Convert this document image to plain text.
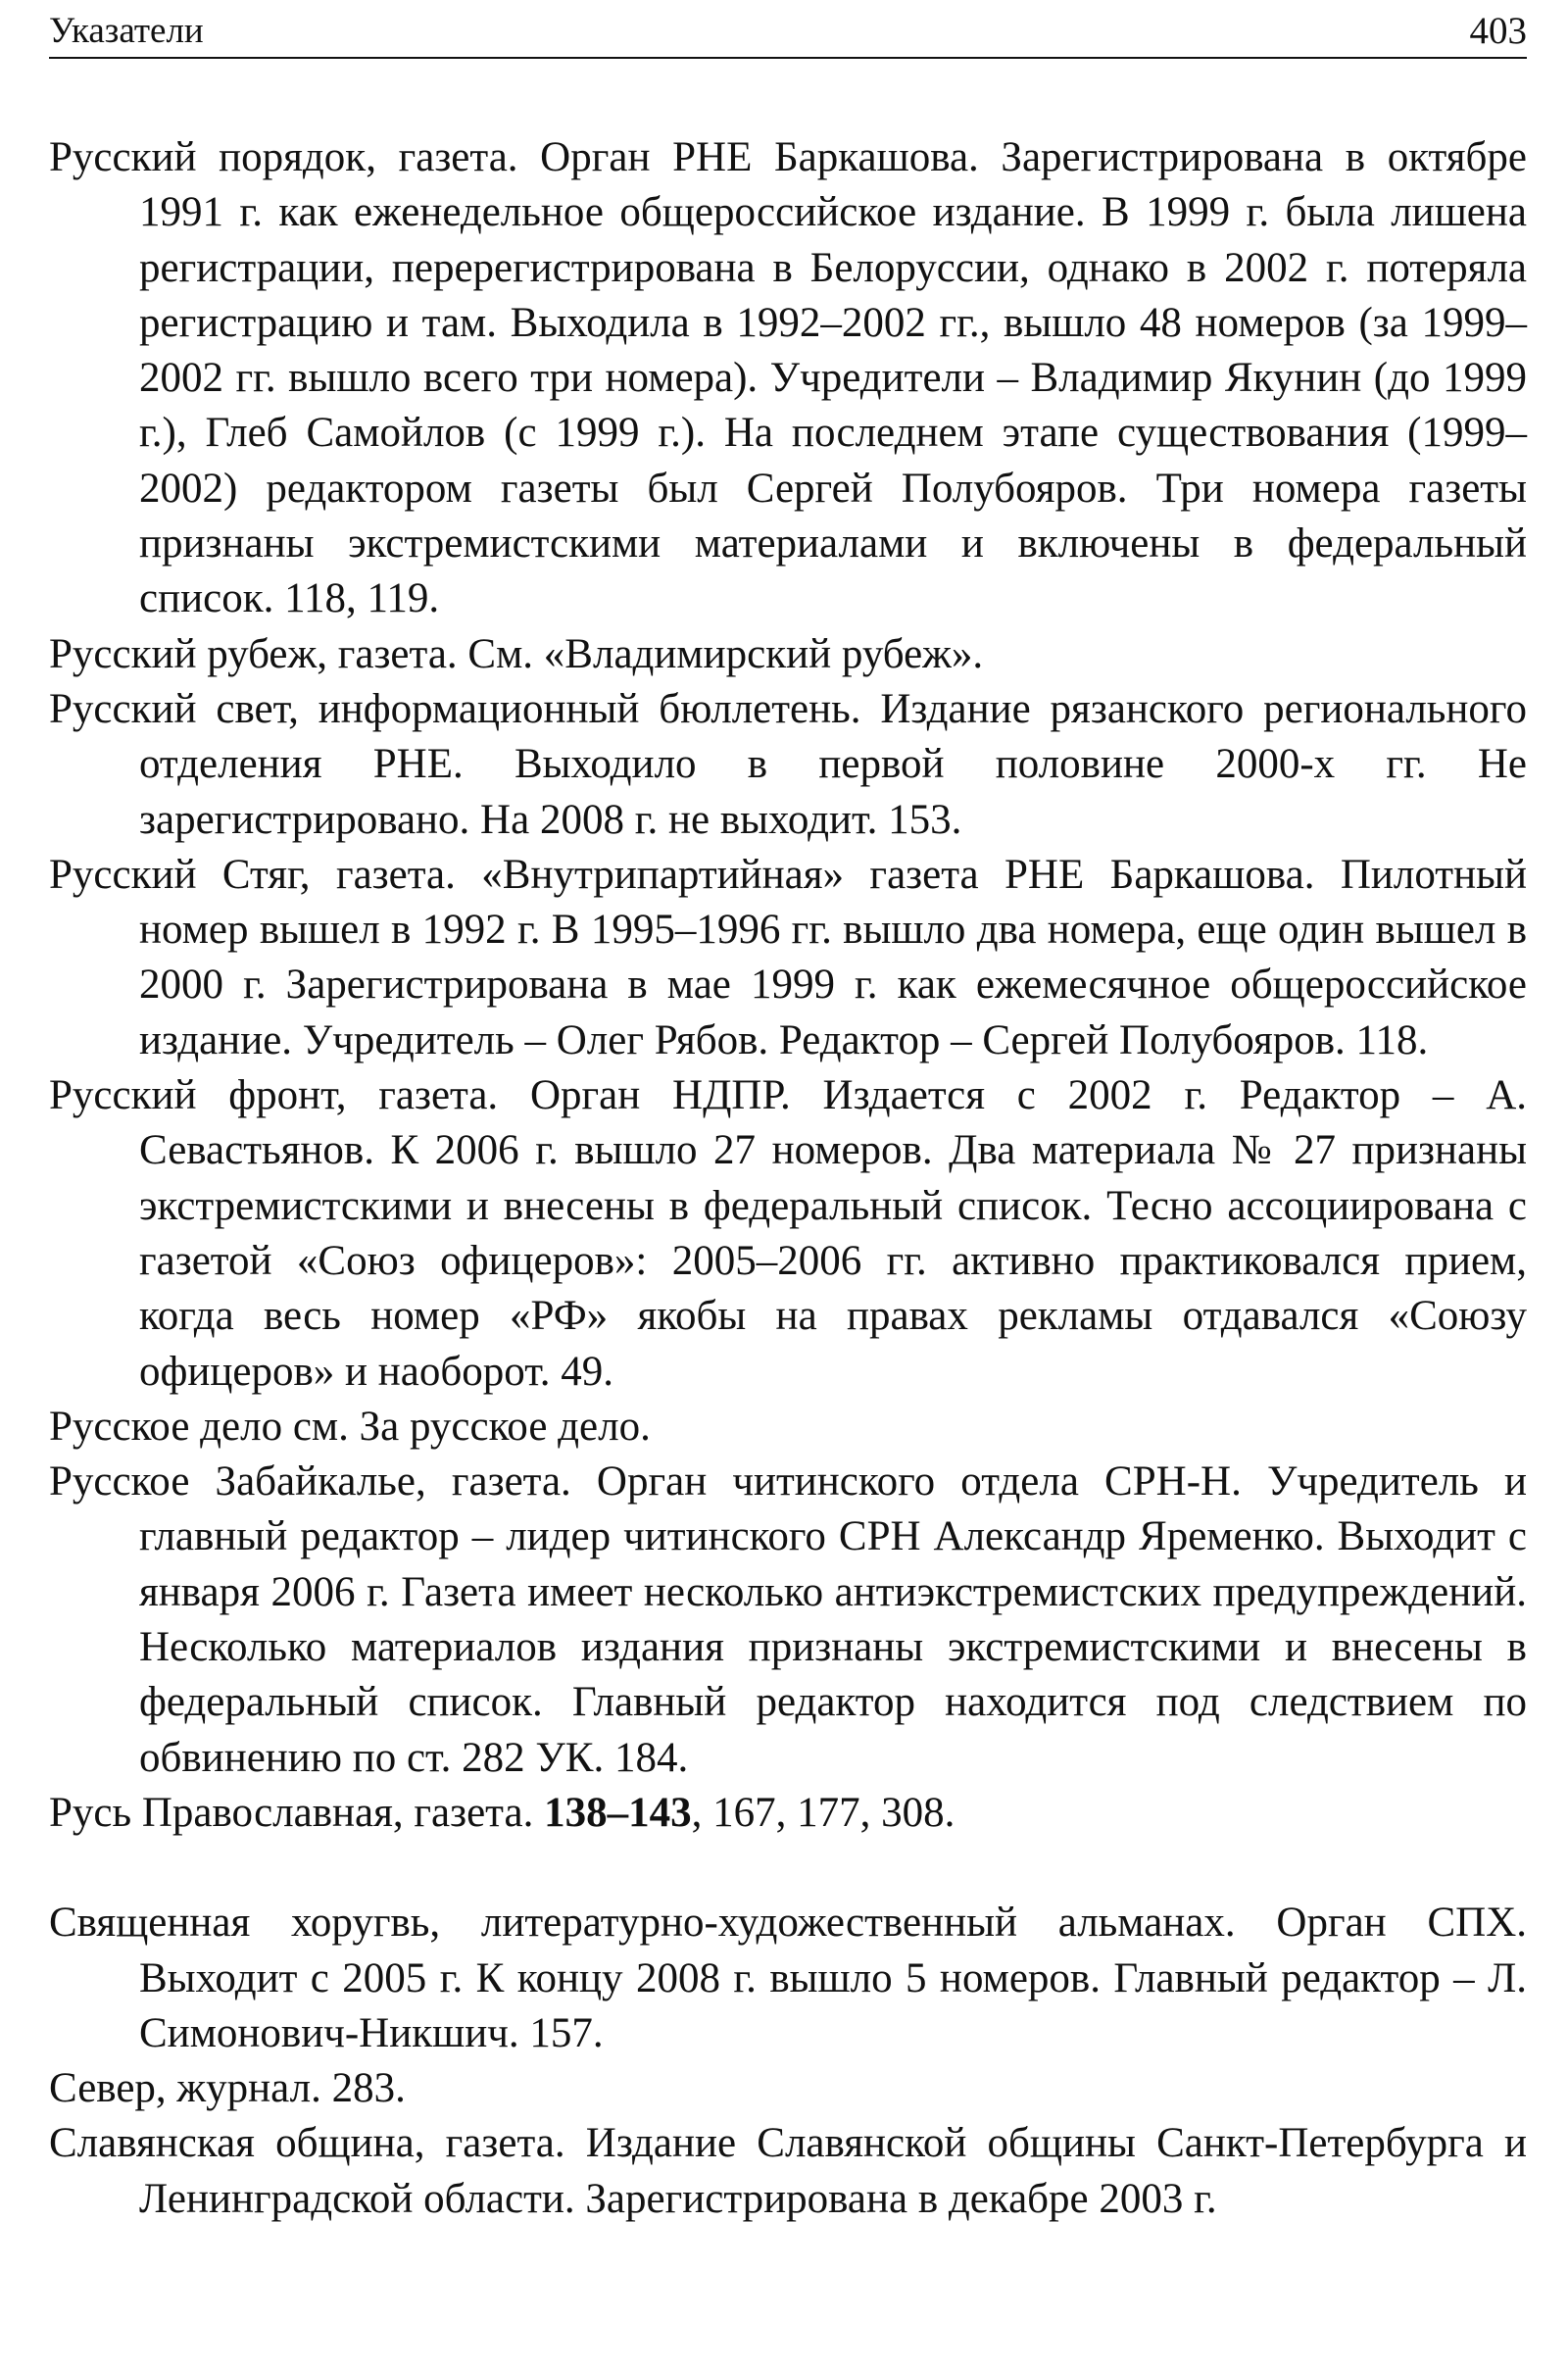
Указатели	403

Русский порядок, газета. Орган РНЕ Баркашова. Зарегистрирована в октябре 1991 г. как еженедельное общероссийское издание. В 1999 г. была лишена регистрации, перерегистрирована в Белоруссии, однако в 2002 г. потеряла регистрацию и там. Выходила в 1992–2002 гг., вышло 48 номеров (за 1999– 2002 гг. вышло всего три номера). Учредители – Владимир Якунин (до 1999 г.), Глеб Самойлов (с 1999 г.). На последнем этапе существования (1999–2002) редактором газеты был Сергей Полубояров. Три номера газеты признаны экстремистскими материалами и включены в федеральный список. 118, 119.

Русский рубеж, газета. См. «Владимирский рубеж».

Русский свет, информационный бюллетень. Издание рязанского регионального отделения РНЕ. Выходило в первой половине 2000-х гг. Не зарегистрировано. На 2008 г. не выходит. 153.

Русский Стяг, газета. «Внутрипартийная» газета РНЕ Баркашова. Пилотный номер вышел в 1992 г. В 1995–1996 гг. вышло два номера, еще один вышел в 2000 г. Зарегистрирована в мае 1999 г. как ежемесячное общероссийское издание. Учредитель – Олег Рябов. Редактор – Сергей Полубояров. 118.

Русский фронт, газета. Орган НДПР. Издается с 2002 г. Редактор – А. Севастьянов. К 2006 г. вышло 27 номеров. Два материала № 27 признаны экстремистскими и внесены в федеральный список. Тесно ассоциирована с газетой «Союз офицеров»: 2005–2006 гг. активно практиковался прием, когда весь номер «РФ» якобы на правах рекламы отдавался «Союзу офицеров» и наоборот. 49.

Русское дело см. За русское дело.

Русское Забайкалье, газета. Орган читинского отдела СРН-Н. Учредитель и главный редактор – лидер читинского СРН Александр Яременко. Выходит с января 2006 г. Газета имеет несколько антиэкстремистских предупреждений. Несколько материалов издания признаны экстремистскими и внесены в федеральный список. Главный редактор находится под следствием по обвинению по ст. 282 УК. 184.

Русь Православная, газета. 138–143, 167, 177, 308.

Священная хоругвь, литературно-художественный альманах. Орган СПХ. Выходит с 2005 г. К концу 2008 г. вышло 5 номеров. Главный редактор – Л. Симонович-Никшич. 157.

Север, журнал. 283.

Славянская община, газета. Издание Славянской общины Санкт-Петербурга и Ленинградской области. Зарегистрирована в декабре 2003 г.
